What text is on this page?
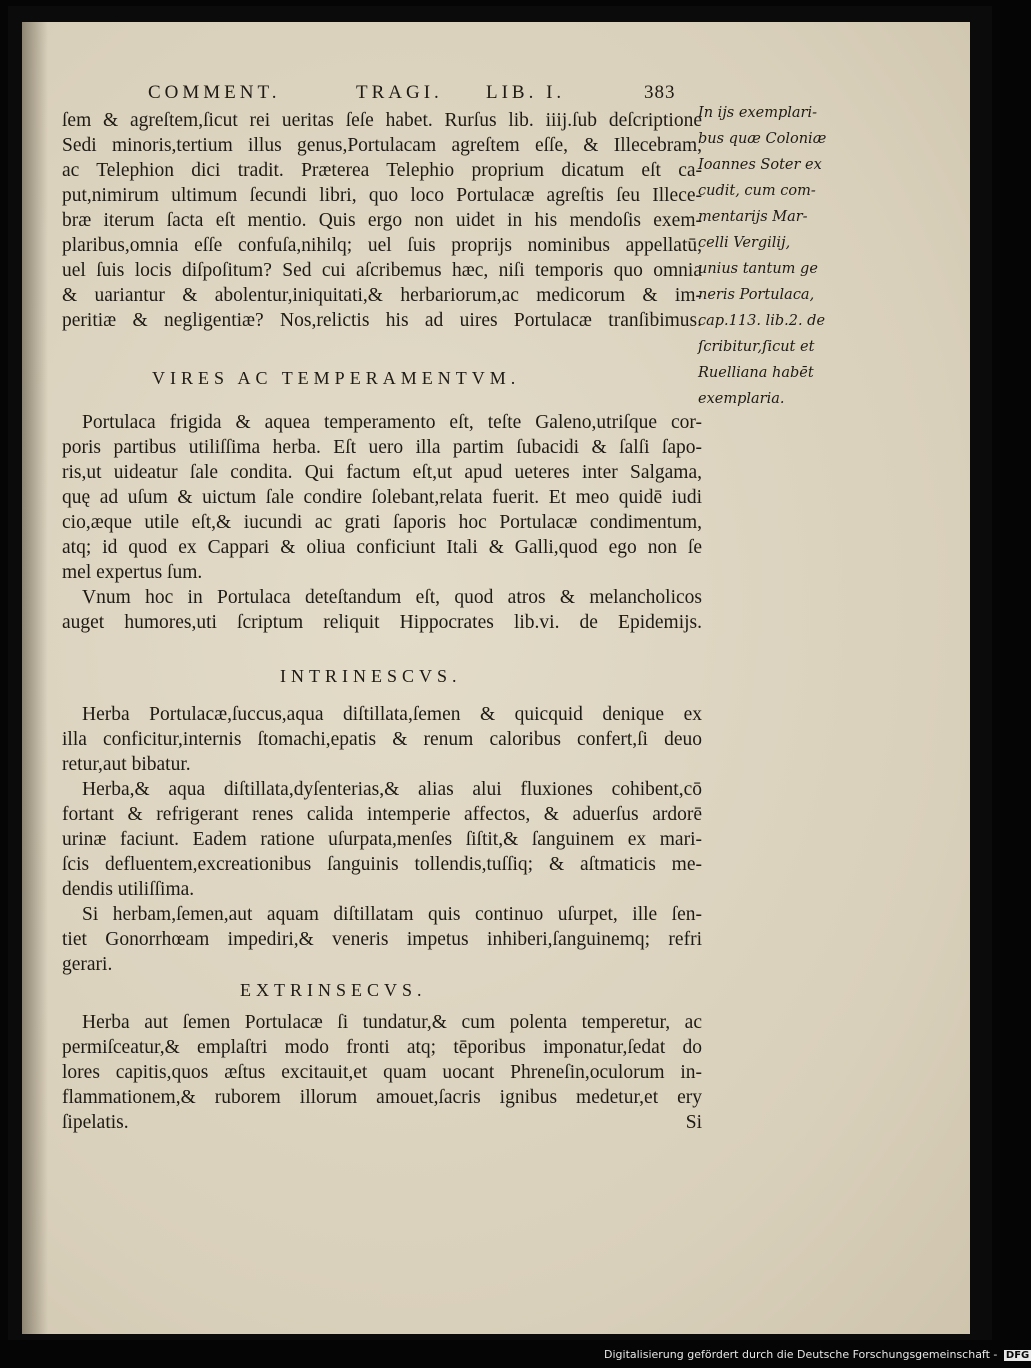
COMMENT.	TRAGI. LIB. I.	383
ſem & agreſtem,ſicut rei ueritas ſeſe habet. Rurſus lib. iiij.ſub deſcriptione
Sedi minoris,tertium illus genus,Portulacam agreſtem eſſe, & Illecebram,
ac Telephion dici tradit. Præterea Telephio proprium dicatum eſt ca-
put,nimirum ultimum ſecundi libri, quo loco Portulacæ agreſtis ſeu Illece-
bræ iterum ſacta eſt mentio. Quis ergo non uidet in his mendoſis exem-
plaribus,omnia eſſe confuſa,nihilq; uel ſuis proprijs nominibus appellatū,
uel ſuis locis diſpoſitum? Sed cui aſcribemus hæc, niſi temporis quo omnia
& uariantur & abolentur,iniquitati,& herbariorum,ac medicorum & im-
peritiæ & negligentiæ? Nos,relictis his ad uires Portulacæ tranſibimus.
VIRES AC TEMPERAMENTVM.
Portulaca frigida & aquea temperamento eſt, teſte Galeno,utriſque cor-
poris partibus utiliſſima herba. Eſt uero illa partim ſubacidi & ſalſi ſapo-
ris,ut uideatur ſale condita. Qui factum eſt,ut apud ueteres inter Salgama,
quę ad uſum & uictum ſale condire ſolebant,relata fuerit. Et meo quidē iudi
cio,æque utile eſt,& iucundi ac grati ſaporis hoc Portulacæ condimentum,
atq; id quod ex Cappari & oliua conficiunt Itali & Galli,quod ego non ſe
mel expertus ſum.
Vnum hoc in Portulaca deteſtandum eſt, quod atros & melancholicos
auget humores,uti ſcriptum reliquit Hippocrates lib.vi. de Epidemijs.
INTRINESCVS.
Herba Portulacæ,ſuccus,aqua diſtillata,ſemen & quicquid denique ex
illa conficitur,internis ſtomachi,epatis & renum caloribus confert,ſi deuo
retur,aut bibatur.
Herba,& aqua diſtillata,dyſenterias,& alias alui fluxiones cohibent,cō
fortant & refrigerant renes calida intemperie affectos, & aduerſus ardorē
urinæ faciunt. Eadem ratione uſurpata,menſes ſiſtit,& ſanguinem ex mari-
ſcis defluentem,excreationibus ſanguinis tollendis,tuſſiq; & aſtmaticis me-
dendis utiliſſima.
Si herbam,ſemen,aut aquam diſtillatam quis continuo uſurpet, ille ſen-
tiet Gonorrhœam impediri,& veneris impetus inhiberi,ſanguinemq; refri
gerari.
EXTRINSECVS.
Herba aut ſemen Portulacæ ſi tundatur,& cum polenta temperetur, ac
permiſceatur,& emplaſtri modo fronti atq; tēporibus imponatur,ſedat do
lores capitis,quos æſtus excitauit,et quam uocant Phreneſin,oculorum in-
flammationem,& ruborem illorum amouet,ſacris ignibus medetur,et ery
ſipelatis.	Si
In ijs exemplari-
bus quæ Coloniæ
Ioannes Soter ex
cudit, cum com-
mentarijs Mar-
celli Vergilij,
unius tantum ge
neris Portulaca,
cap.113. lib.2. de
ſcribitur,ſicut et
Ruelliana habēt
exemplaria.
Digitalisierung gefördert durch die Deutsche Forschungsgemeinschaft - DFG
